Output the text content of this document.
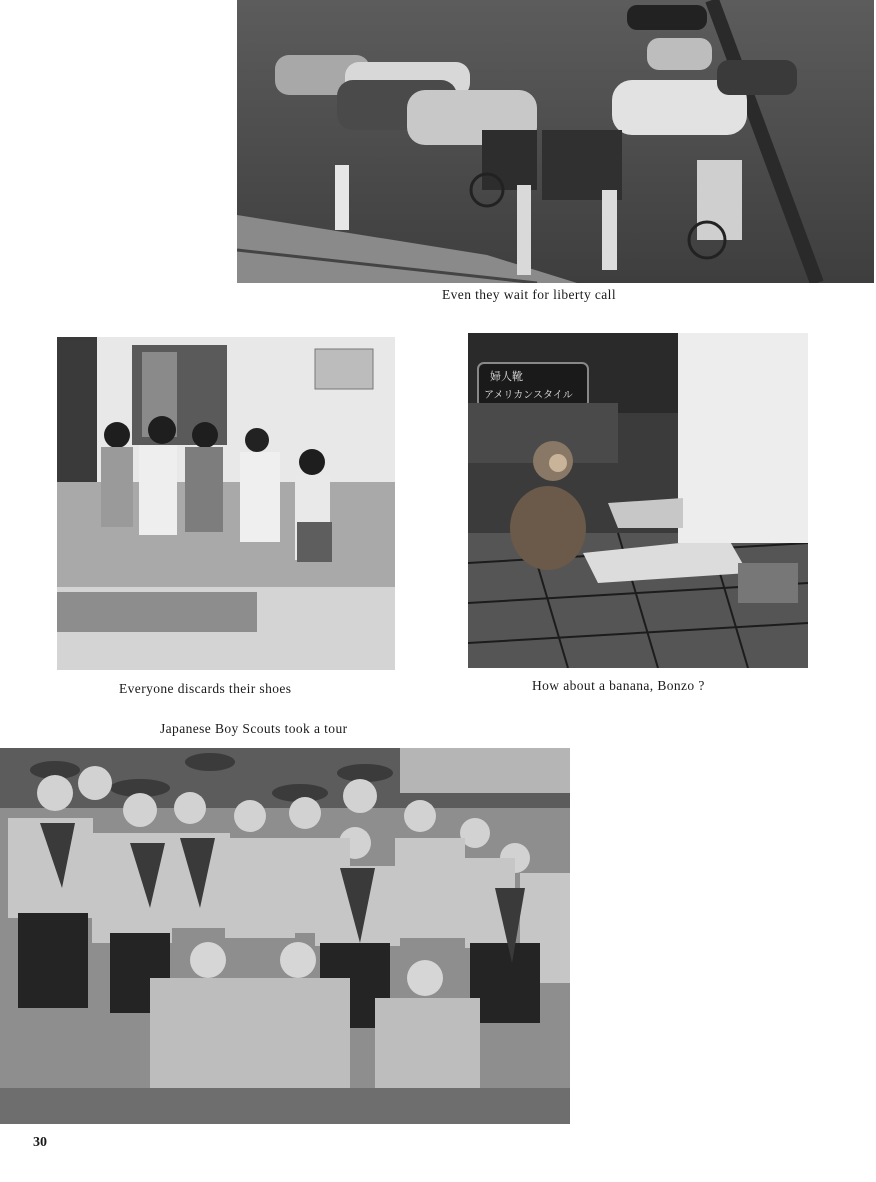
Even they wait for liberty call
Everyone discards their shoes
婦人靴
アメリカンスタイル
How about a banana, Bonzo ?
Japanese Boy Scouts took a tour
30
